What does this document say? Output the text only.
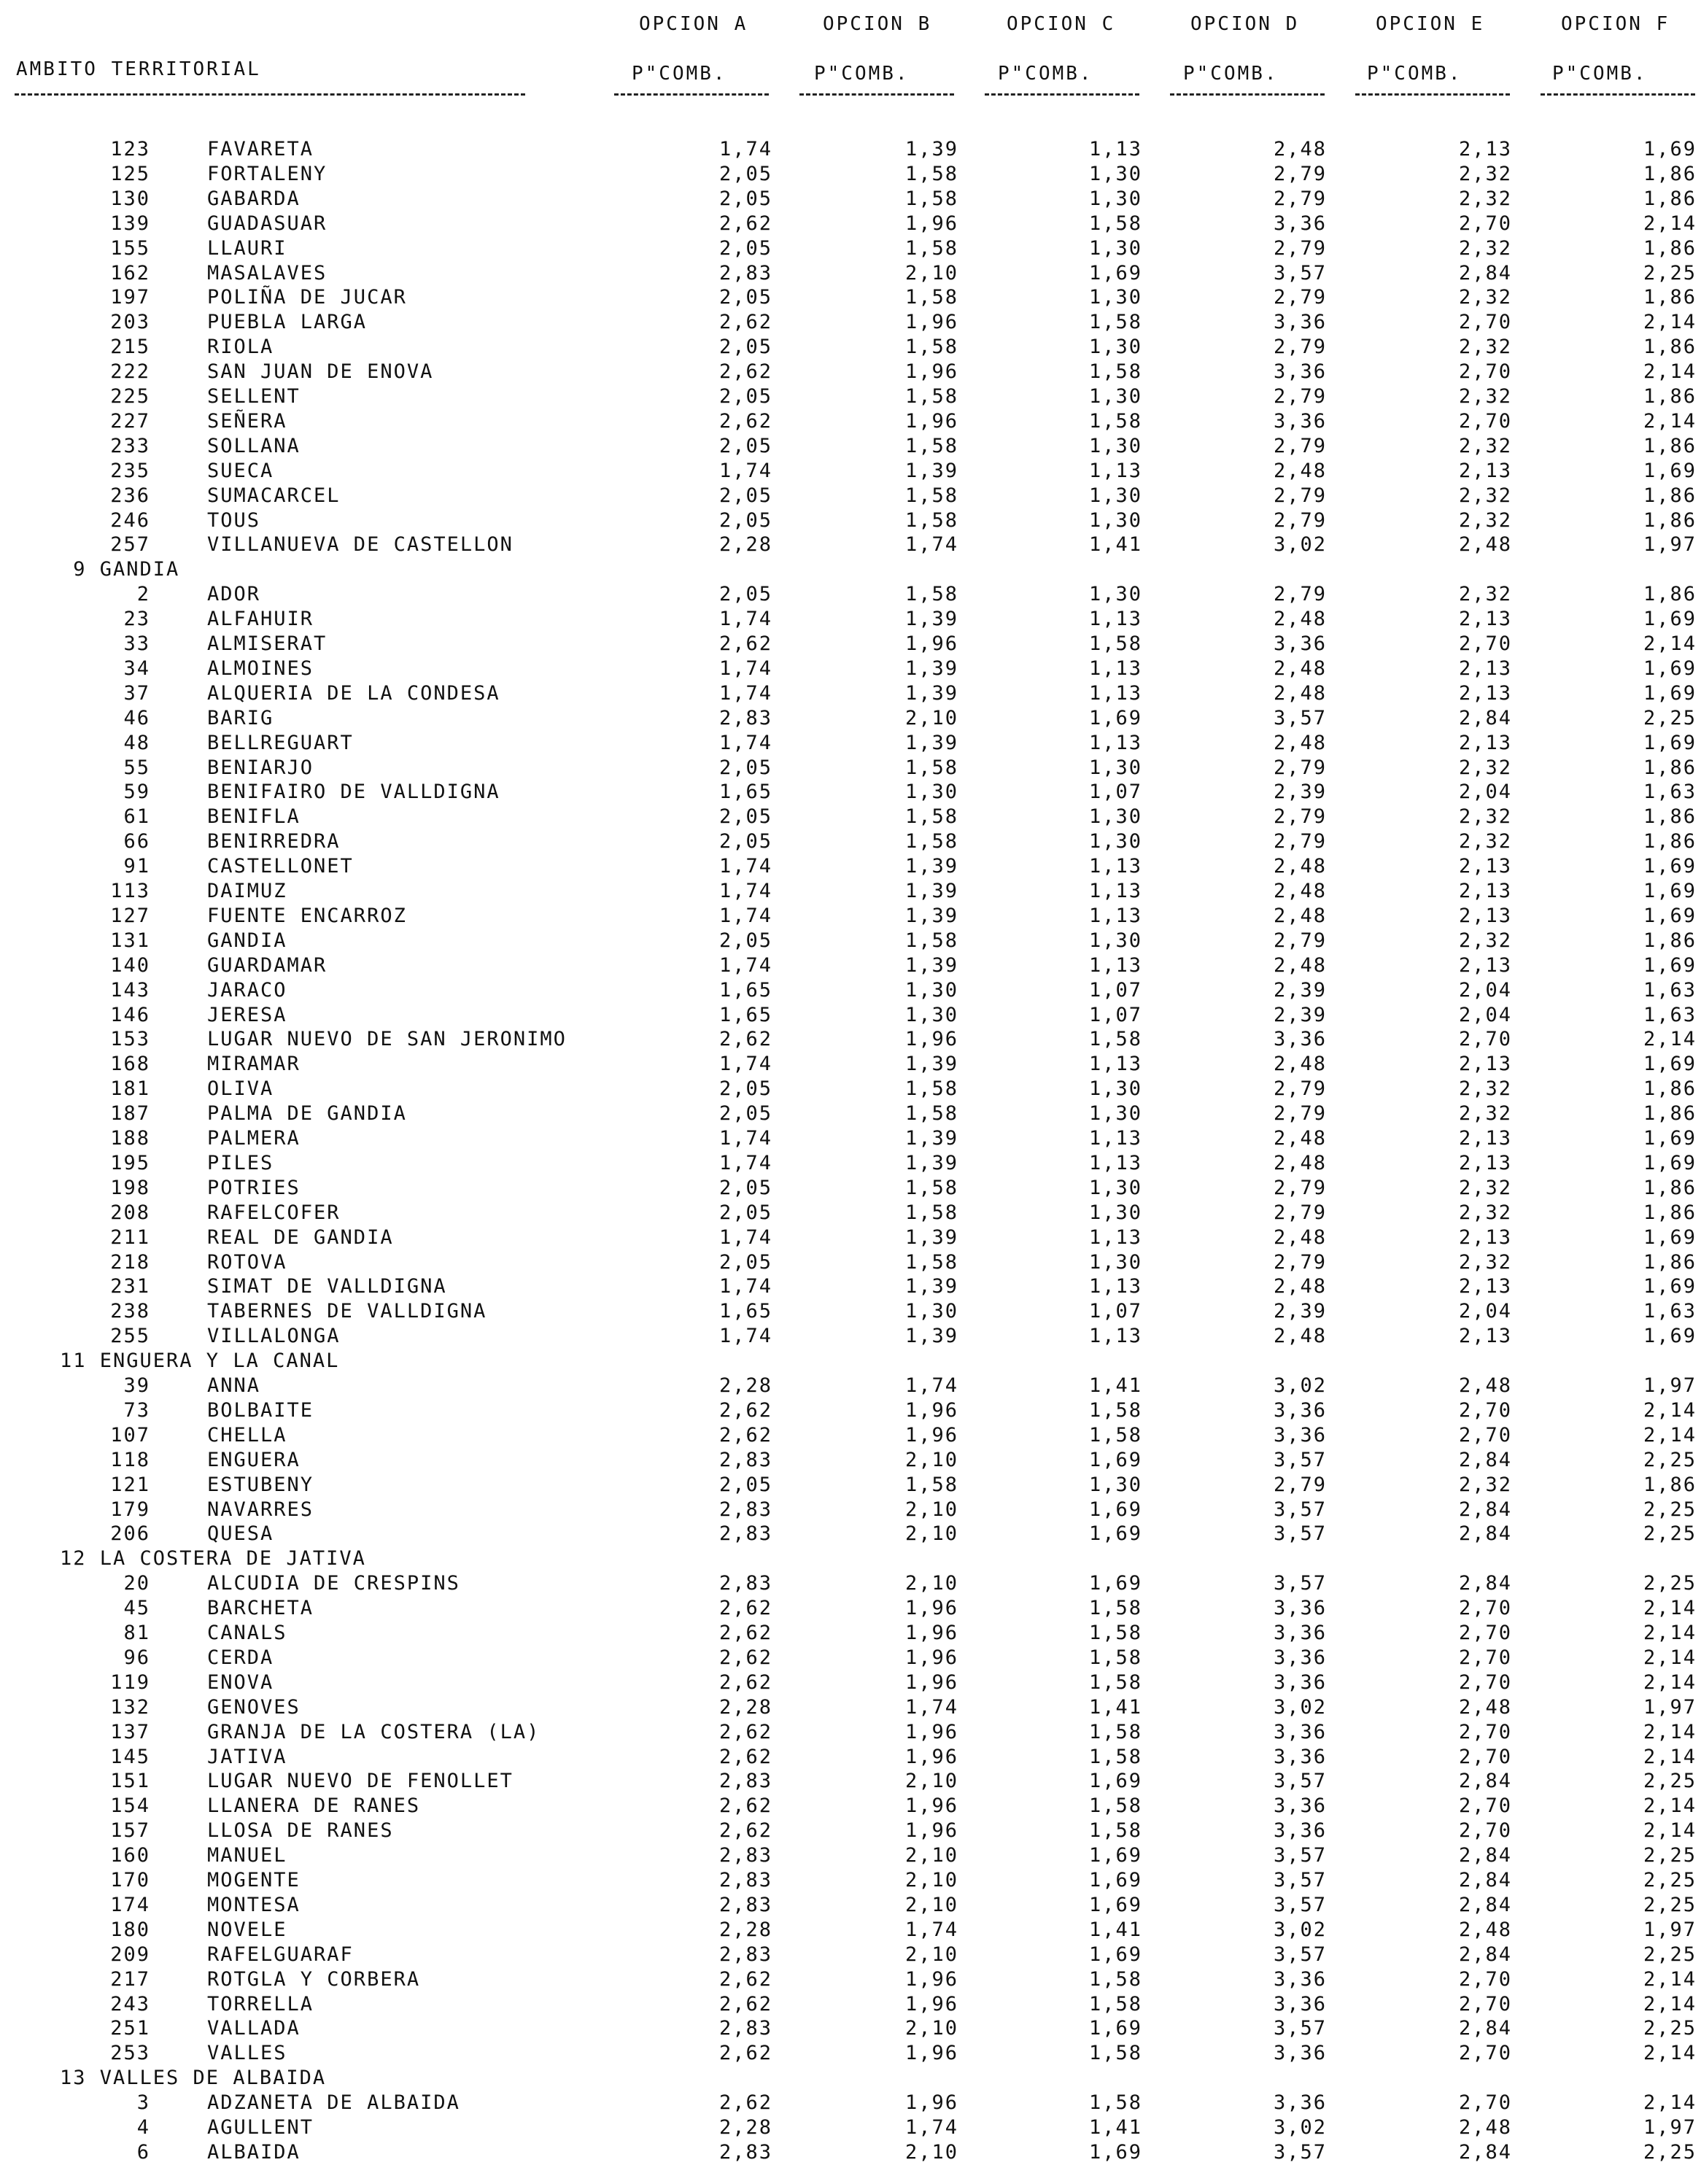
OPCION A	OPCION B	OPCION C	OPCION D	OPCION E	OPCION F
AMBITO TERRITORIAL	P"COMB.	P"COMB.	P"COMB.	P"COMB.	P"COMB.	P"COMB.
123	FAVARETA	1,74	1,39	1,13	2,48	2,13	1,69
125	FORTALENY	2,05	1,58	1,30	2,79	2,32	1,86
130	GABARDA	2,05	1,58	1,30	2,79	2,32	1,86
139	GUADASUAR	2,62	1,96	1,58	3,36	2,70	2,14
155	LLAURI	2,05	1,58	1,30	2,79	2,32	1,86
162	MASALAVES	2,83	2,10	1,69	3,57	2,84	2,25
197	POLIÑA DE JUCAR	2,05	1,58	1,30	2,79	2,32	1,86
203	PUEBLA LARGA	2,62	1,96	1,58	3,36	2,70	2,14
215	RIOLA	2,05	1,58	1,30	2,79	2,32	1,86
222	SAN JUAN DE ENOVA	2,62	1,96	1,58	3,36	2,70	2,14
225	SELLENT	2,05	1,58	1,30	2,79	2,32	1,86
227	SEÑERA	2,62	1,96	1,58	3,36	2,70	2,14
233	SOLLANA	2,05	1,58	1,30	2,79	2,32	1,86
235	SUECA	1,74	1,39	1,13	2,48	2,13	1,69
236	SUMACARCEL	2,05	1,58	1,30	2,79	2,32	1,86
246	TOUS	2,05	1,58	1,30	2,79	2,32	1,86
257	VILLANUEVA DE CASTELLON	2,28	1,74	1,41	3,02	2,48	1,97
9 GANDIA
2	ADOR	2,05	1,58	1,30	2,79	2,32	1,86
23	ALFAHUIR	1,74	1,39	1,13	2,48	2,13	1,69
33	ALMISERAT	2,62	1,96	1,58	3,36	2,70	2,14
34	ALMOINES	1,74	1,39	1,13	2,48	2,13	1,69
37	ALQUERIA DE LA CONDESA	1,74	1,39	1,13	2,48	2,13	1,69
46	BARIG	2,83	2,10	1,69	3,57	2,84	2,25
48	BELLREGUART	1,74	1,39	1,13	2,48	2,13	1,69
55	BENIARJO	2,05	1,58	1,30	2,79	2,32	1,86
59	BENIFAIRO DE VALLDIGNA	1,65	1,30	1,07	2,39	2,04	1,63
61	BENIFLA	2,05	1,58	1,30	2,79	2,32	1,86
66	BENIRREDRA	2,05	1,58	1,30	2,79	2,32	1,86
91	CASTELLONET	1,74	1,39	1,13	2,48	2,13	1,69
113	DAIMUZ	1,74	1,39	1,13	2,48	2,13	1,69
127	FUENTE ENCARROZ	1,74	1,39	1,13	2,48	2,13	1,69
131	GANDIA	2,05	1,58	1,30	2,79	2,32	1,86
140	GUARDAMAR	1,74	1,39	1,13	2,48	2,13	1,69
143	JARACO	1,65	1,30	1,07	2,39	2,04	1,63
146	JERESA	1,65	1,30	1,07	2,39	2,04	1,63
153	LUGAR NUEVO DE SAN JERONIMO	2,62	1,96	1,58	3,36	2,70	2,14
168	MIRAMAR	1,74	1,39	1,13	2,48	2,13	1,69
181	OLIVA	2,05	1,58	1,30	2,79	2,32	1,86
187	PALMA DE GANDIA	2,05	1,58	1,30	2,79	2,32	1,86
188	PALMERA	1,74	1,39	1,13	2,48	2,13	1,69
195	PILES	1,74	1,39	1,13	2,48	2,13	1,69
198	POTRIES	2,05	1,58	1,30	2,79	2,32	1,86
208	RAFELCOFER	2,05	1,58	1,30	2,79	2,32	1,86
211	REAL DE GANDIA	1,74	1,39	1,13	2,48	2,13	1,69
218	ROTOVA	2,05	1,58	1,30	2,79	2,32	1,86
231	SIMAT DE VALLDIGNA	1,74	1,39	1,13	2,48	2,13	1,69
238	TABERNES DE VALLDIGNA	1,65	1,30	1,07	2,39	2,04	1,63
255	VILLALONGA	1,74	1,39	1,13	2,48	2,13	1,69
11 ENGUERA Y LA CANAL
39	ANNA	2,28	1,74	1,41	3,02	2,48	1,97
73	BOLBAITE	2,62	1,96	1,58	3,36	2,70	2,14
107	CHELLA	2,62	1,96	1,58	3,36	2,70	2,14
118	ENGUERA	2,83	2,10	1,69	3,57	2,84	2,25
121	ESTUBENY	2,05	1,58	1,30	2,79	2,32	1,86
179	NAVARRES	2,83	2,10	1,69	3,57	2,84	2,25
206	QUESA	2,83	2,10	1,69	3,57	2,84	2,25
12 LA COSTERA DE JATIVA
20	ALCUDIA DE CRESPINS	2,83	2,10	1,69	3,57	2,84	2,25
45	BARCHETA	2,62	1,96	1,58	3,36	2,70	2,14
81	CANALS	2,62	1,96	1,58	3,36	2,70	2,14
96	CERDA	2,62	1,96	1,58	3,36	2,70	2,14
119	ENOVA	2,62	1,96	1,58	3,36	2,70	2,14
132	GENOVES	2,28	1,74	1,41	3,02	2,48	1,97
137	GRANJA DE LA COSTERA (LA)	2,62	1,96	1,58	3,36	2,70	2,14
145	JATIVA	2,62	1,96	1,58	3,36	2,70	2,14
151	LUGAR NUEVO DE FENOLLET	2,83	2,10	1,69	3,57	2,84	2,25
154	LLANERA DE RANES	2,62	1,96	1,58	3,36	2,70	2,14
157	LLOSA DE RANES	2,62	1,96	1,58	3,36	2,70	2,14
160	MANUEL	2,83	2,10	1,69	3,57	2,84	2,25
170	MOGENTE	2,83	2,10	1,69	3,57	2,84	2,25
174	MONTESA	2,83	2,10	1,69	3,57	2,84	2,25
180	NOVELE	2,28	1,74	1,41	3,02	2,48	1,97
209	RAFELGUARAF	2,83	2,10	1,69	3,57	2,84	2,25
217	ROTGLA Y CORBERA	2,62	1,96	1,58	3,36	2,70	2,14
243	TORRELLA	2,62	1,96	1,58	3,36	2,70	2,14
251	VALLADA	2,83	2,10	1,69	3,57	2,84	2,25
253	VALLES	2,62	1,96	1,58	3,36	2,70	2,14
13 VALLES DE ALBAIDA
3	ADZANETA DE ALBAIDA	2,62	1,96	1,58	3,36	2,70	2,14
4	AGULLENT	2,28	1,74	1,41	3,02	2,48	1,97
6	ALBAIDA	2,83	2,10	1,69	3,57	2,84	2,25
